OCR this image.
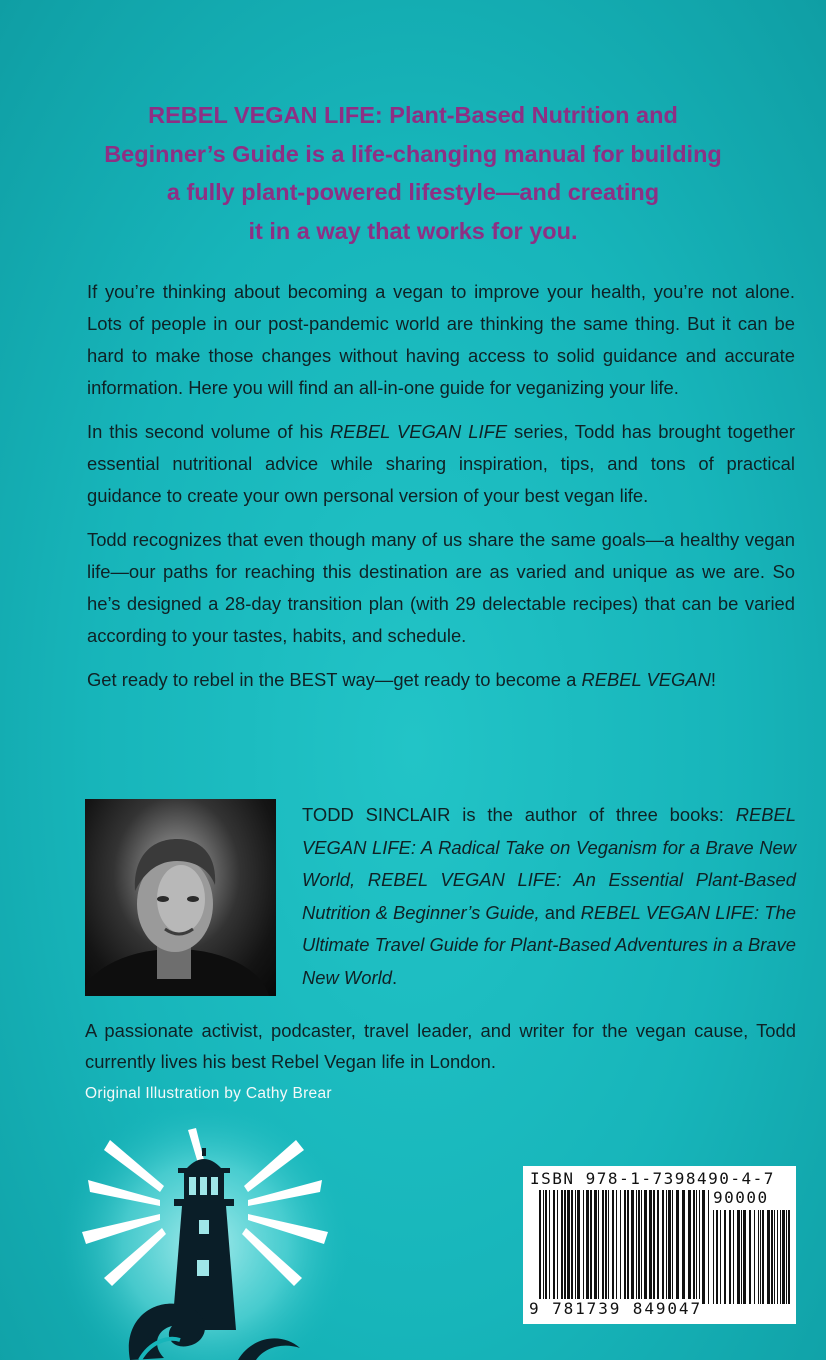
REBEL VEGAN LIFE: Plant-Based Nutrition and
Beginner’s Guide is a life-changing manual for building
a fully plant-powered lifestyle—and creating
it in a way that works for you.

If you’re thinking about becoming a vegan to improve your health, you’re not alone. Lots of people in our post-pandemic world are thinking the same thing. But it can be hard to make those changes without having access to solid guidance and accurate information. Here you will find an all-in-one guide for veganizing your life.

In this second volume of his REBEL VEGAN LIFE series, Todd has brought together essential nutritional advice while sharing inspiration, tips, and tons of practical guidance to create your own personal version of your best vegan life.

Todd recognizes that even though many of us share the same goals—a healthy vegan life—our paths for reaching this destination are as varied and unique as we are. So he’s designed a 28-day transition plan (with 29 delectable recipes) that can be varied according to your tastes, habits, and schedule.

Get ready to rebel in the BEST way—get ready to become a REBEL VEGAN!

TODD SINCLAIR is the author of three books: REBEL VEGAN LIFE: A Radical Take on Veganism for a Brave New World, REBEL VEGAN LIFE: An Essential Plant-Based Nutrition & Beginner’s Guide, and REBEL VEGAN LIFE: The Ultimate Travel Guide for Plant-Based Adventures in a Brave New World.
A passionate activist, podcaster, travel leader, and writer for the vegan cause, Todd currently lives his best Rebel Vegan life in London.
Original Illustration by Cathy Brear
ISBN 978-1-7398490-4-7
90000
9 781739 849047
